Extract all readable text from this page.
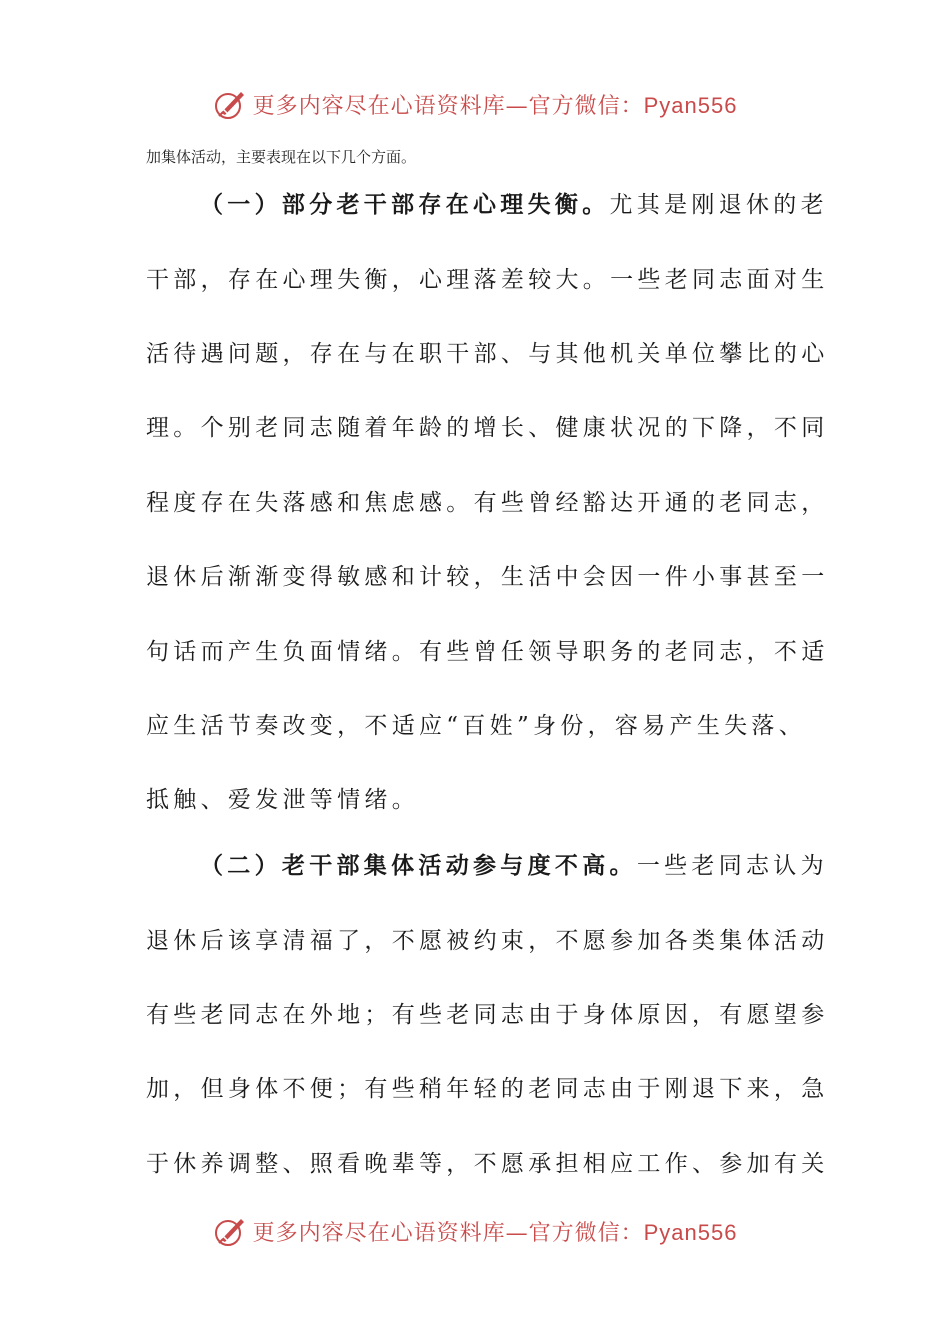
更多内容尽在心语资料库—官方微信：Pyan556
加集体活动，主要表现在以下几个方面。
（一）部分老干部存在心理失衡。尤其是刚退休的老
干部，存在心理失衡，心理落差较大。一些老同志面对生
活待遇问题，存在与在职干部、与其他机关单位攀比的心
理。个别老同志随着年龄的增长、健康状况的下降，不同
程度存在失落感和焦虑感。有些曾经豁达开通的老同志，
退休后渐渐变得敏感和计较，生活中会因一件小事甚至一
句话而产生负面情绪。有些曾任领导职务的老同志，不适
应生活节奏改变，不适应“百姓”身份，容易产生失落、
抵触、爱发泄等情绪。
（二）老干部集体活动参与度不高。一些老同志认为
退休后该享清福了，不愿被约束，不愿参加各类集体活动
有些老同志在外地；有些老同志由于身体原因，有愿望参
加，但身体不便；有些稍年轻的老同志由于刚退下来，急
于休养调整、照看晚辈等，不愿承担相应工作、参加有关
更多内容尽在心语资料库—官方微信：Pyan556
